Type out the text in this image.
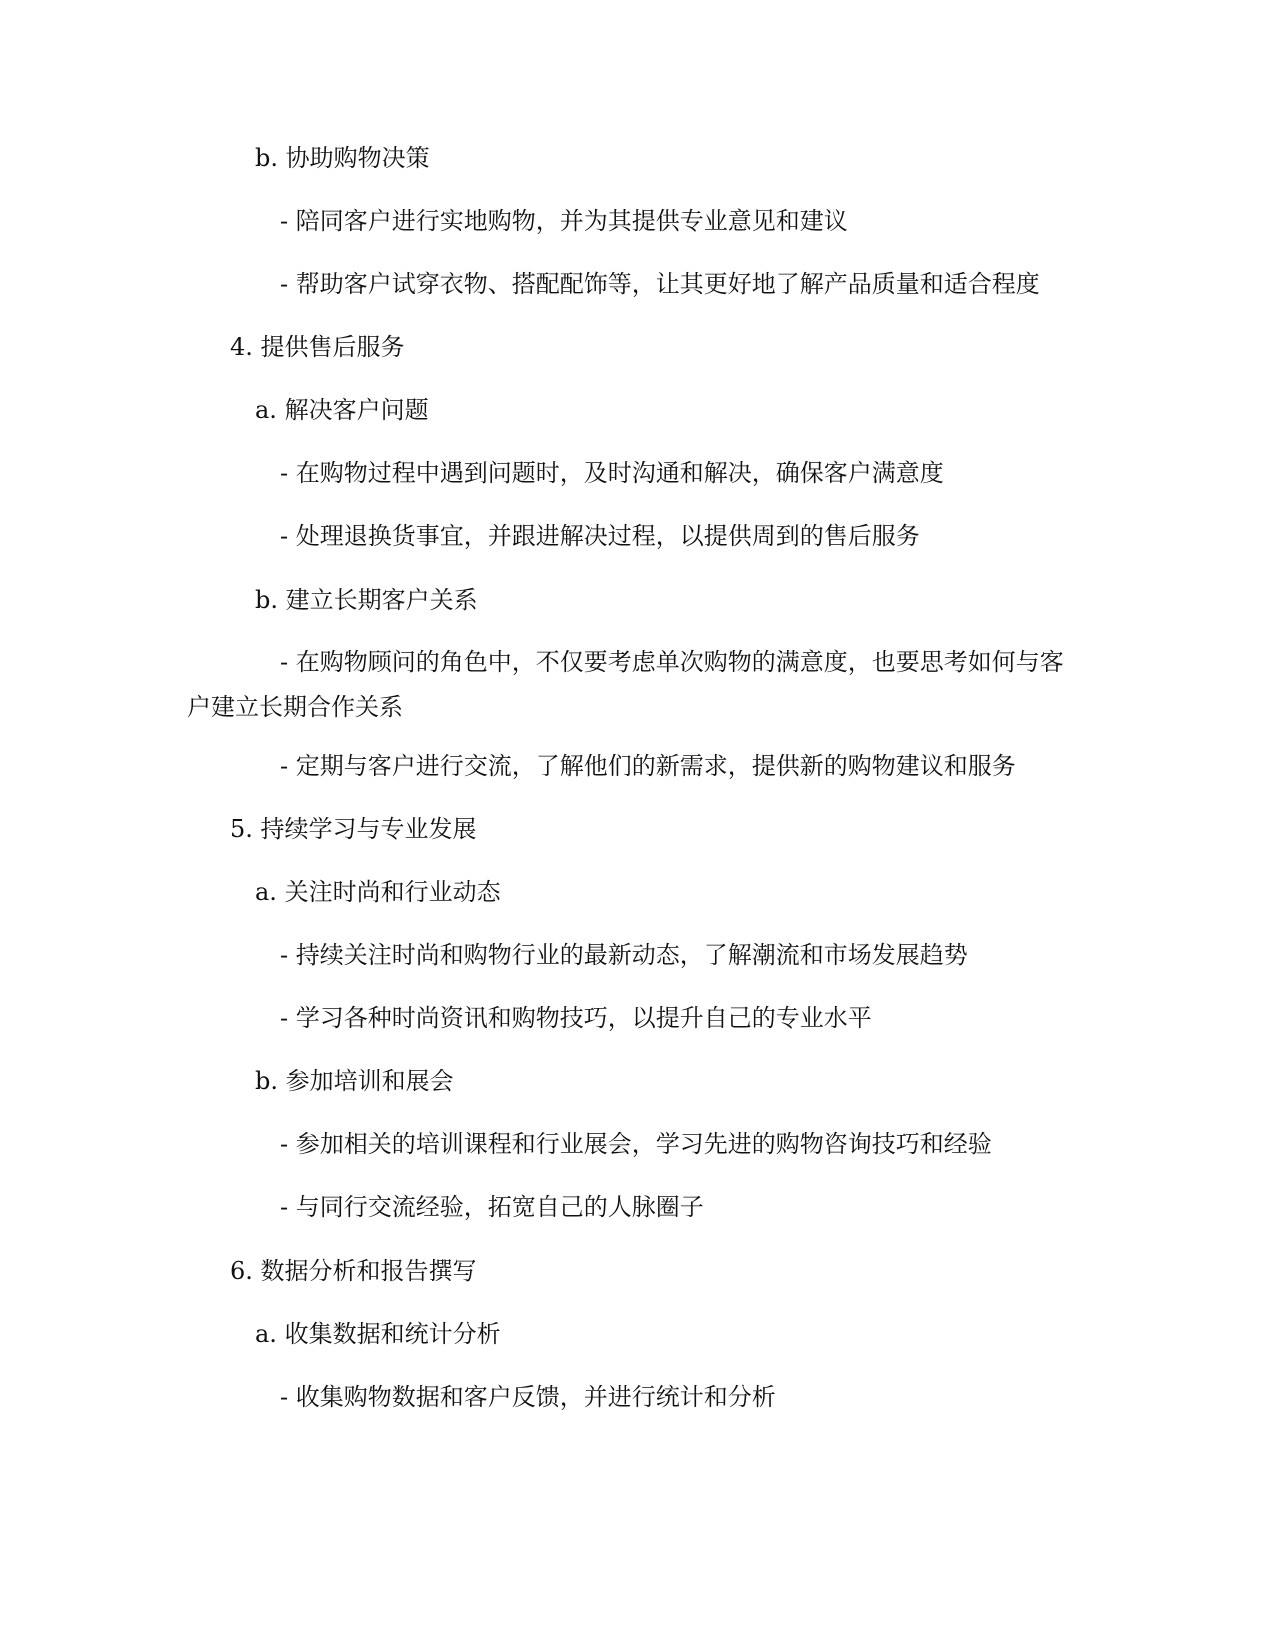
b. 协助购物决策
- 陪同客户进行实地购物，并为其提供专业意见和建议
- 帮助客户试穿衣物、搭配配饰等，让其更好地了解产品质量和适合程度
4. 提供售后服务
a. 解决客户问题
- 在购物过程中遇到问题时，及时沟通和解决，确保客户满意度
- 处理退换货事宜，并跟进解决过程，以提供周到的售后服务
b. 建立长期客户关系
- 在购物顾问的角色中，不仅要考虑单次购物的满意度，也要思考如何与客户建立长期合作关系
- 定期与客户进行交流，了解他们的新需求，提供新的购物建议和服务
5. 持续学习与专业发展
a. 关注时尚和行业动态
- 持续关注时尚和购物行业的最新动态，了解潮流和市场发展趋势
- 学习各种时尚资讯和购物技巧，以提升自己的专业水平
b. 参加培训和展会
- 参加相关的培训课程和行业展会，学习先进的购物咨询技巧和经验
- 与同行交流经验，拓宽自己的人脉圈子
6. 数据分析和报告撰写
a. 收集数据和统计分析
- 收集购物数据和客户反馈，并进行统计和分析
